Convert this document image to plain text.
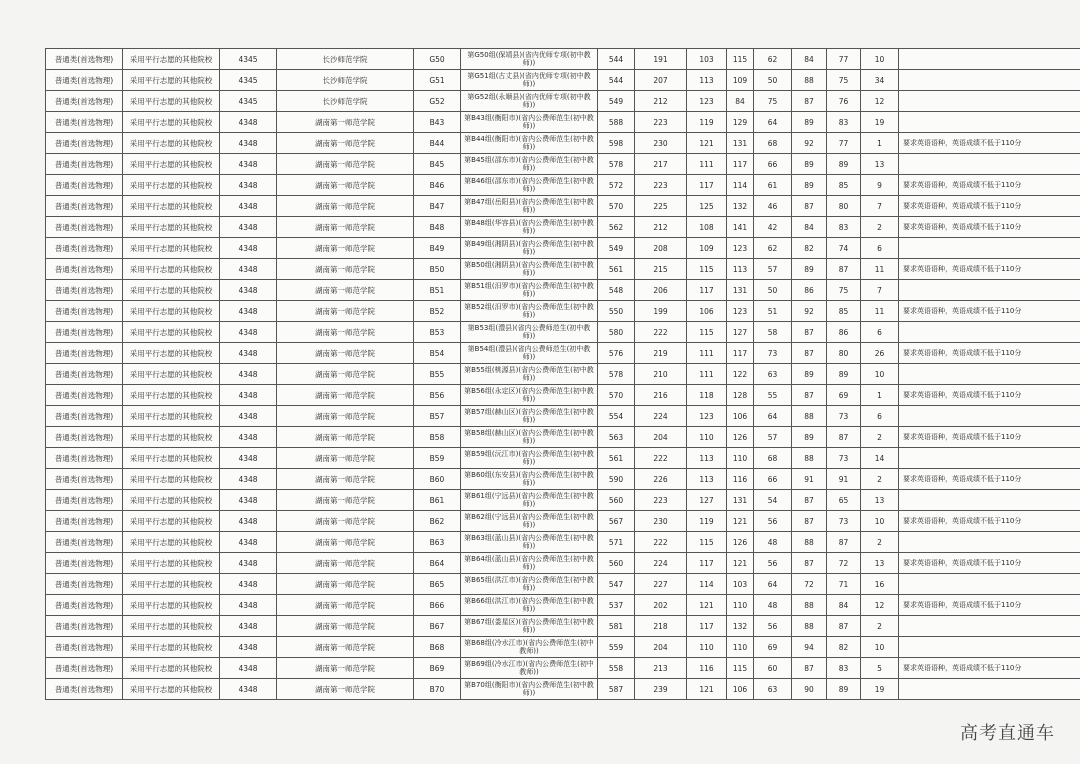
普通类(首选物理)	采用平行志愿的其他院校	4345	长沙师范学院	G50	第G50组(保靖县)(省内优师专项(初中教师))	544	191	103	115	62	84	77	10	
普通类(首选物理)	采用平行志愿的其他院校	4345	长沙师范学院	G51	第G51组(古丈县)(省内优师专项(初中教师))	544	207	113	109	50	88	75	34	
普通类(首选物理)	采用平行志愿的其他院校	4345	长沙师范学院	G52	第G52组(永顺县)(省内优师专项(初中教师))	549	212	123	84	75	87	76	12	
普通类(首选物理)	采用平行志愿的其他院校	4348	湖南第一师范学院	B43	第B43组(衡阳市)(省内公费师范生(初中教师))	588	223	119	129	64	89	83	19	
普通类(首选物理)	采用平行志愿的其他院校	4348	湖南第一师范学院	B44	第B44组(衡阳市)(省内公费师范生(初中教师))	598	230	121	131	68	92	77	1	要求英语语种，英语成绩不低于110分
普通类(首选物理)	采用平行志愿的其他院校	4348	湖南第一师范学院	B45	第B45组(邵东市)(省内公费师范生(初中教师))	578	217	111	117	66	89	89	13	
普通类(首选物理)	采用平行志愿的其他院校	4348	湖南第一师范学院	B46	第B46组(邵东市)(省内公费师范生(初中教师))	572	223	117	114	61	89	85	9	要求英语语种，英语成绩不低于110分
普通类(首选物理)	采用平行志愿的其他院校	4348	湖南第一师范学院	B47	第B47组(岳阳县)(省内公费师范生(初中教师))	570	225	125	132	46	87	80	7	要求英语语种，英语成绩不低于110分
普通类(首选物理)	采用平行志愿的其他院校	4348	湖南第一师范学院	B48	第B48组(华容县)(省内公费师范生(初中教师))	562	212	108	141	42	84	83	2	要求英语语种，英语成绩不低于110分
普通类(首选物理)	采用平行志愿的其他院校	4348	湖南第一师范学院	B49	第B49组(湘阴县)(省内公费师范生(初中教师))	549	208	109	123	62	82	74	6	
普通类(首选物理)	采用平行志愿的其他院校	4348	湖南第一师范学院	B50	第B50组(湘阴县)(省内公费师范生(初中教师))	561	215	115	113	57	89	87	11	要求英语语种，英语成绩不低于110分
普通类(首选物理)	采用平行志愿的其他院校	4348	湖南第一师范学院	B51	第B51组(汨罗市)(省内公费师范生(初中教师))	548	206	117	131	50	86	75	7	
普通类(首选物理)	采用平行志愿的其他院校	4348	湖南第一师范学院	B52	第B52组(汨罗市)(省内公费师范生(初中教师))	550	199	106	123	51	92	85	11	要求英语语种，英语成绩不低于110分
普通类(首选物理)	采用平行志愿的其他院校	4348	湖南第一师范学院	B53	第B53组(澧县)(省内公费师范生(初中教师))	580	222	115	127	58	87	86	6	
普通类(首选物理)	采用平行志愿的其他院校	4348	湖南第一师范学院	B54	第B54组(澧县)(省内公费师范生(初中教师))	576	219	111	117	73	87	80	26	要求英语语种，英语成绩不低于110分
普通类(首选物理)	采用平行志愿的其他院校	4348	湖南第一师范学院	B55	第B55组(桃源县)(省内公费师范生(初中教师))	578	210	111	122	63	89	89	10	
普通类(首选物理)	采用平行志愿的其他院校	4348	湖南第一师范学院	B56	第B56组(永定区)(省内公费师范生(初中教师))	570	216	118	128	55	87	69	1	要求英语语种，英语成绩不低于110分
普通类(首选物理)	采用平行志愿的其他院校	4348	湖南第一师范学院	B57	第B57组(赫山区)(省内公费师范生(初中教师))	554	224	123	106	64	88	73	6	
普通类(首选物理)	采用平行志愿的其他院校	4348	湖南第一师范学院	B58	第B58组(赫山区)(省内公费师范生(初中教师))	563	204	110	126	57	89	87	2	要求英语语种，英语成绩不低于110分
普通类(首选物理)	采用平行志愿的其他院校	4348	湖南第一师范学院	B59	第B59组(沅江市)(省内公费师范生(初中教师))	561	222	113	110	68	88	73	14	
普通类(首选物理)	采用平行志愿的其他院校	4348	湖南第一师范学院	B60	第B60组(东安县)(省内公费师范生(初中教师))	590	226	113	116	66	91	91	2	要求英语语种，英语成绩不低于110分
普通类(首选物理)	采用平行志愿的其他院校	4348	湖南第一师范学院	B61	第B61组(宁远县)(省内公费师范生(初中教师))	560	223	127	131	54	87	65	13	
普通类(首选物理)	采用平行志愿的其他院校	4348	湖南第一师范学院	B62	第B62组(宁远县)(省内公费师范生(初中教师))	567	230	119	121	56	87	73	10	要求英语语种，英语成绩不低于110分
普通类(首选物理)	采用平行志愿的其他院校	4348	湖南第一师范学院	B63	第B63组(蓝山县)(省内公费师范生(初中教师))	571	222	115	126	48	88	87	2	
普通类(首选物理)	采用平行志愿的其他院校	4348	湖南第一师范学院	B64	第B64组(蓝山县)(省内公费师范生(初中教师))	560	224	117	121	56	87	72	13	要求英语语种，英语成绩不低于110分
普通类(首选物理)	采用平行志愿的其他院校	4348	湖南第一师范学院	B65	第B65组(洪江市)(省内公费师范生(初中教师))	547	227	114	103	64	72	71	16	
普通类(首选物理)	采用平行志愿的其他院校	4348	湖南第一师范学院	B66	第B66组(洪江市)(省内公费师范生(初中教师))	537	202	121	110	48	88	84	12	要求英语语种，英语成绩不低于110分
普通类(首选物理)	采用平行志愿的其他院校	4348	湖南第一师范学院	B67	第B67组(娄星区)(省内公费师范生(初中教师))	581	218	117	132	56	88	87	2	
普通类(首选物理)	采用平行志愿的其他院校	4348	湖南第一师范学院	B68	第B68组(冷水江市)(省内公费师范生(初中教师))	559	204	110	110	69	94	82	10	
普通类(首选物理)	采用平行志愿的其他院校	4348	湖南第一师范学院	B69	第B69组(冷水江市)(省内公费师范生(初中教师))	558	213	116	115	60	87	83	5	要求英语语种，英语成绩不低于110分
普通类(首选物理)	采用平行志愿的其他院校	4348	湖南第一师范学院	B70	第B70组(衡阳市)(省内公费师范生(初中教师))	587	239	121	106	63	90	89	19	
高考直通车
